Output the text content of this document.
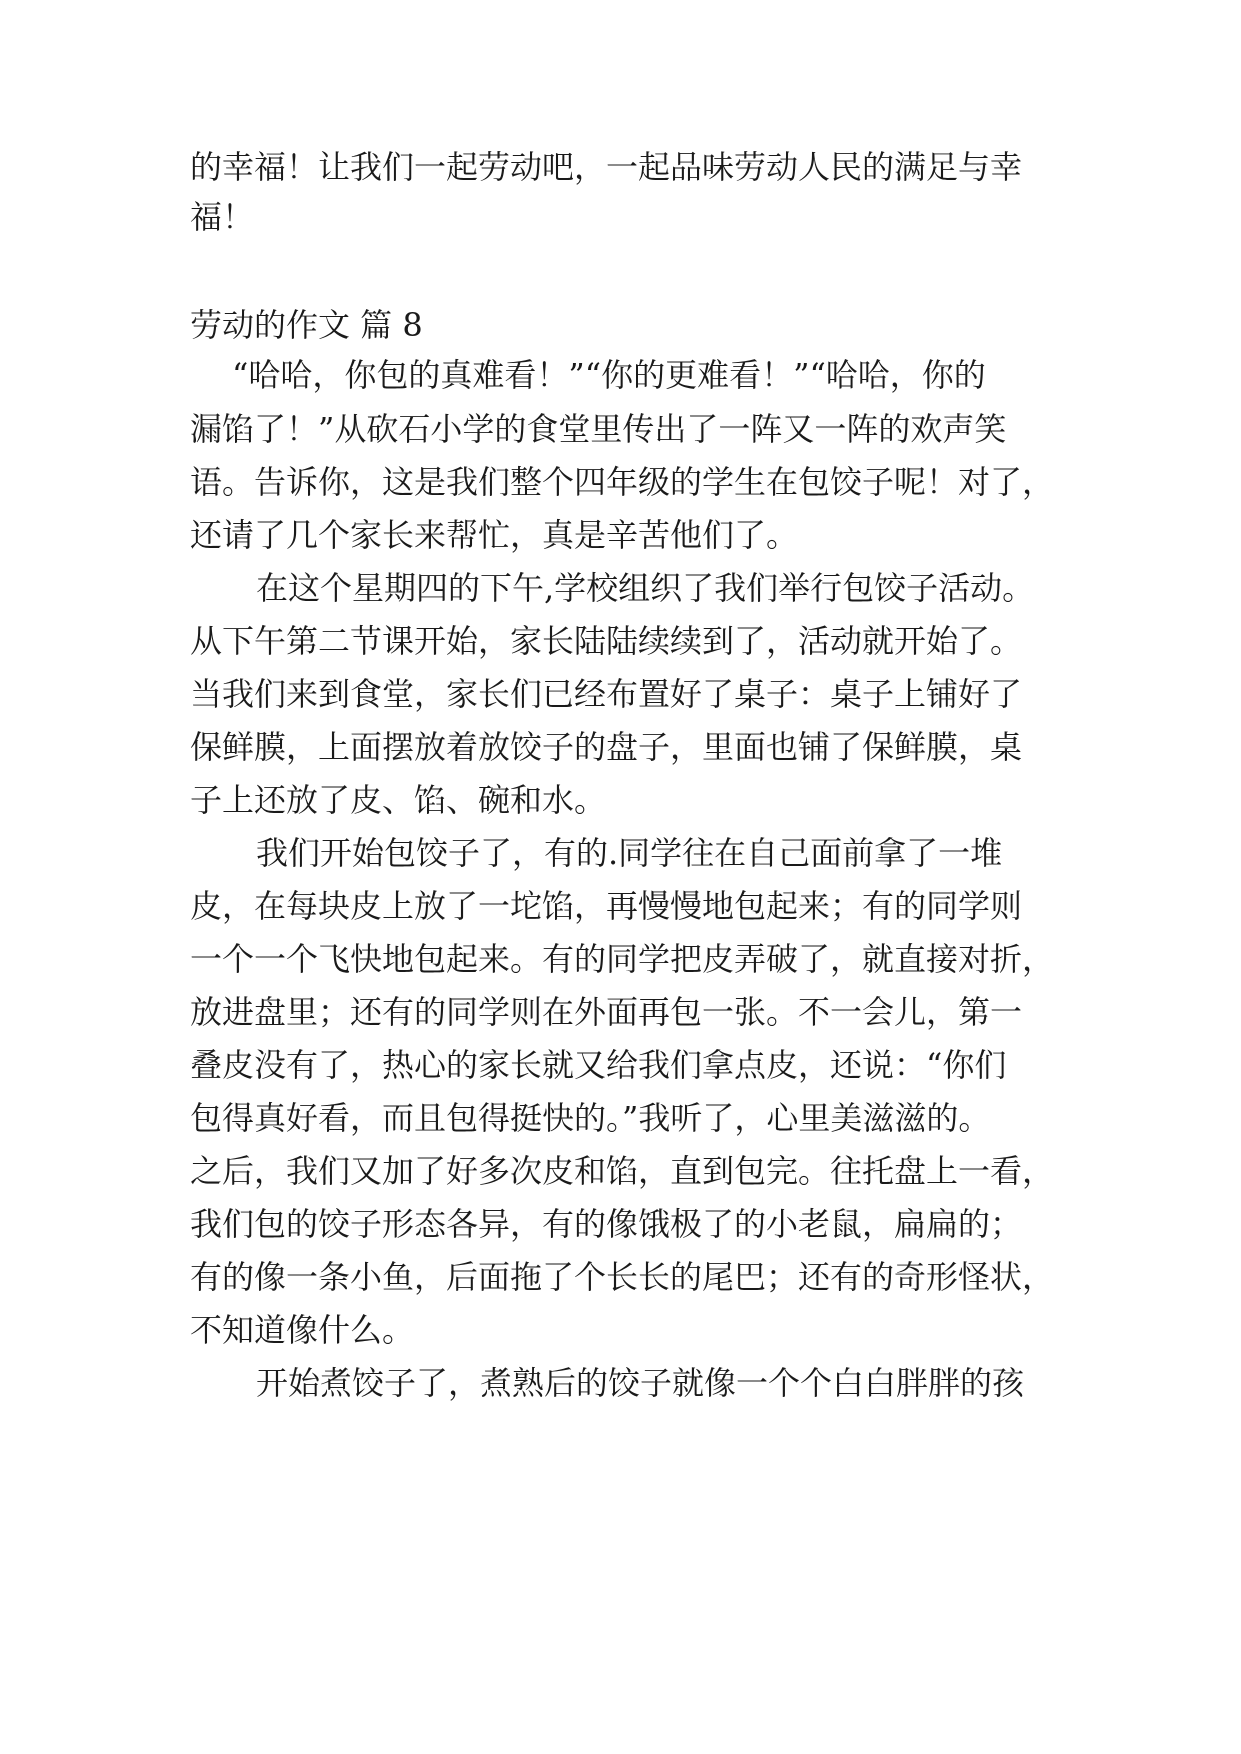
的幸福！让我们一起劳动吧，一起品味劳动人民的满足与幸
福！
劳动的作文 篇 8
“哈哈，你包的真难看！”“你的更难看！”“哈哈，你的
漏馅了！”从砍石小学的食堂里传出了一阵又一阵的欢声笑
语。告诉你，这是我们整个四年级的学生在包饺子呢！对了，
还请了几个家长来帮忙，真是辛苦他们了。
在这个星期四的下午,学校组织了我们举行包饺子活动。
从下午第二节课开始，家长陆陆续续到了，活动就开始了。
当我们来到食堂，家长们已经布置好了桌子：桌子上铺好了
保鲜膜，上面摆放着放饺子的盘子，里面也铺了保鲜膜，桌
子上还放了皮、馅、碗和水。
我们开始包饺子了，有的.同学往在自己面前拿了一堆
皮，在每块皮上放了一坨馅，再慢慢地包起来；有的同学则
一个一个飞快地包起来。有的同学把皮弄破了，就直接对折，
放进盘里；还有的同学则在外面再包一张。不一会儿，第一
叠皮没有了，热心的家长就又给我们拿点皮，还说：“你们
包得真好看，而且包得挺快的。”我听了，心里美滋滋的。
之后，我们又加了好多次皮和馅，直到包完。往托盘上一看，
我们包的饺子形态各异，有的像饿极了的小老鼠，扁扁的；
有的像一条小鱼，后面拖了个长长的尾巴；还有的奇形怪状，
不知道像什么。
开始煮饺子了，煮熟后的饺子就像一个个白白胖胖的孩
